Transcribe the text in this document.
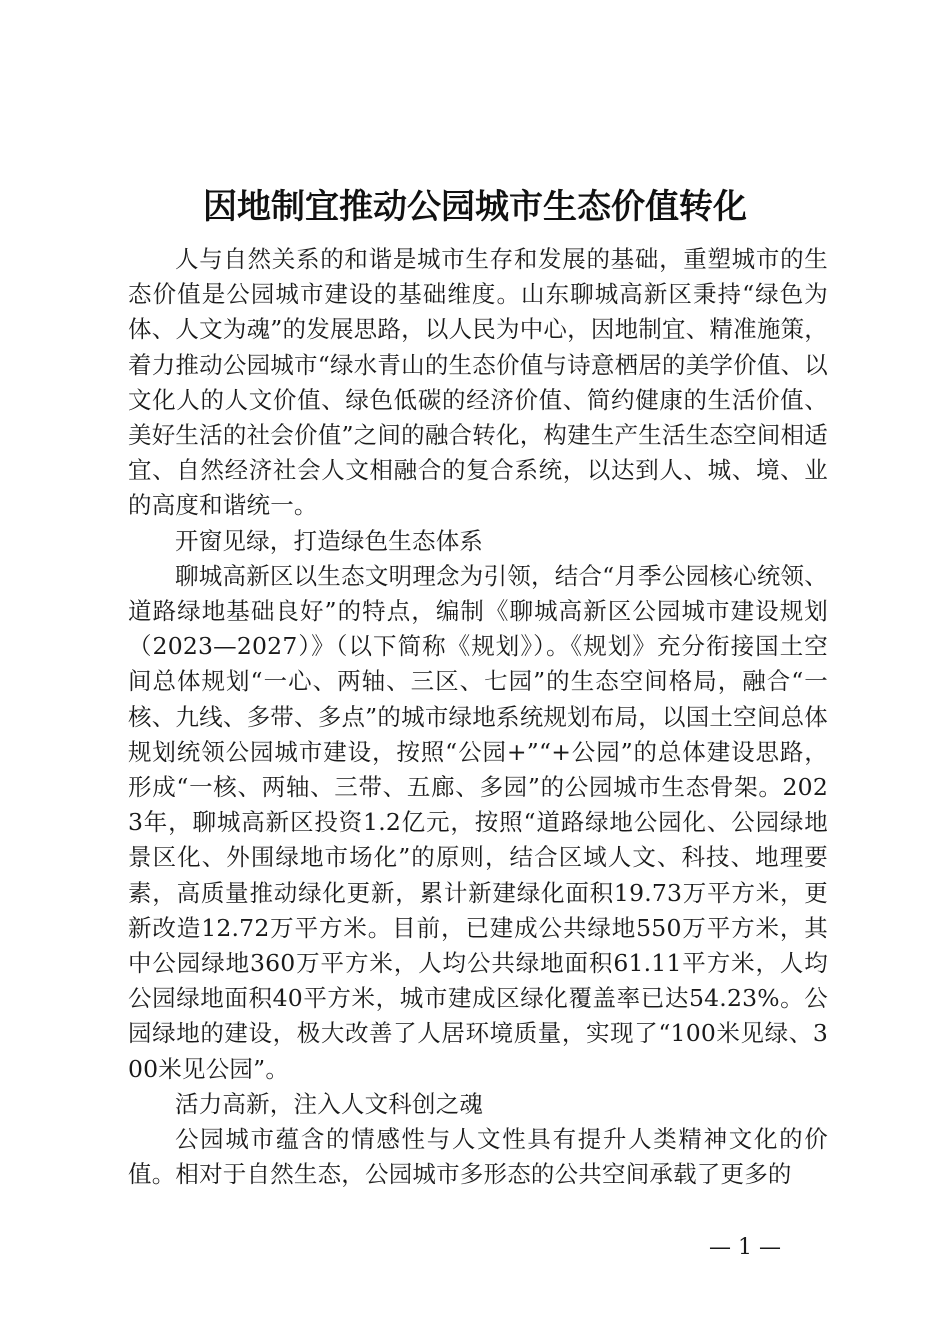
因地制宜推动公园城市生态价值转化

人与自然关系的和谐是城市生存和发展的基础，重塑城市的生态价值是公园城市建设的基础维度。山东聊城高新区秉持“绿色为体、人文为魂”的发展思路，以人民为中心，因地制宜、精准施策，着力推动公园城市“绿水青山的生态价值与诗意栖居的美学价值、以文化人的人文价值、绿色低碳的经济价值、简约健康的生活价值、美好生活的社会价值”之间的融合转化，构建生产生活生态空间相适宜、自然经济社会人文相融合的复合系统，以达到人、城、境、业的高度和谐统一。

开窗见绿，打造绿色生态体系

聊城高新区以生态文明理念为引领，结合“月季公园核心统领、道路绿地基础良好”的特点，编制《聊城高新区公园城市建设规划（2023—2027）》（以下简称《规划》）。《规划》充分衔接国土空间总体规划“一心、两轴、三区、七园”的生态空间格局，融合“一核、九线、多带、多点”的城市绿地系统规划布局，以国土空间总体规划统领公园城市建设，按照“公园+”“+公园”的总体建设思路，形成“一核、两轴、三带、五廊、多园”的公园城市生态骨架。2023年，聊城高新区投资1.2亿元，按照“道路绿地公园化、公园绿地景区化、外围绿地市场化”的原则，结合区域人文、科技、地理要素，高质量推动绿化更新，累计新建绿化面积19.73万平方米，更新改造12.72万平方米。目前，已建成公共绿地550万平方米，其中公园绿地360万平方米，人均公共绿地面积61.11平方米，人均公园绿地面积40平方米，城市建成区绿化覆盖率已达54.23%。公园绿地的建设，极大改善了人居环境质量，实现了“100米见绿、300米见公园”。

活力高新，注入人文科创之魂

公园城市蕴含的情感性与人文性具有提升人类精神文化的价值。相对于自然生态，公园城市多形态的公共空间承载了更多的

— 1 —
